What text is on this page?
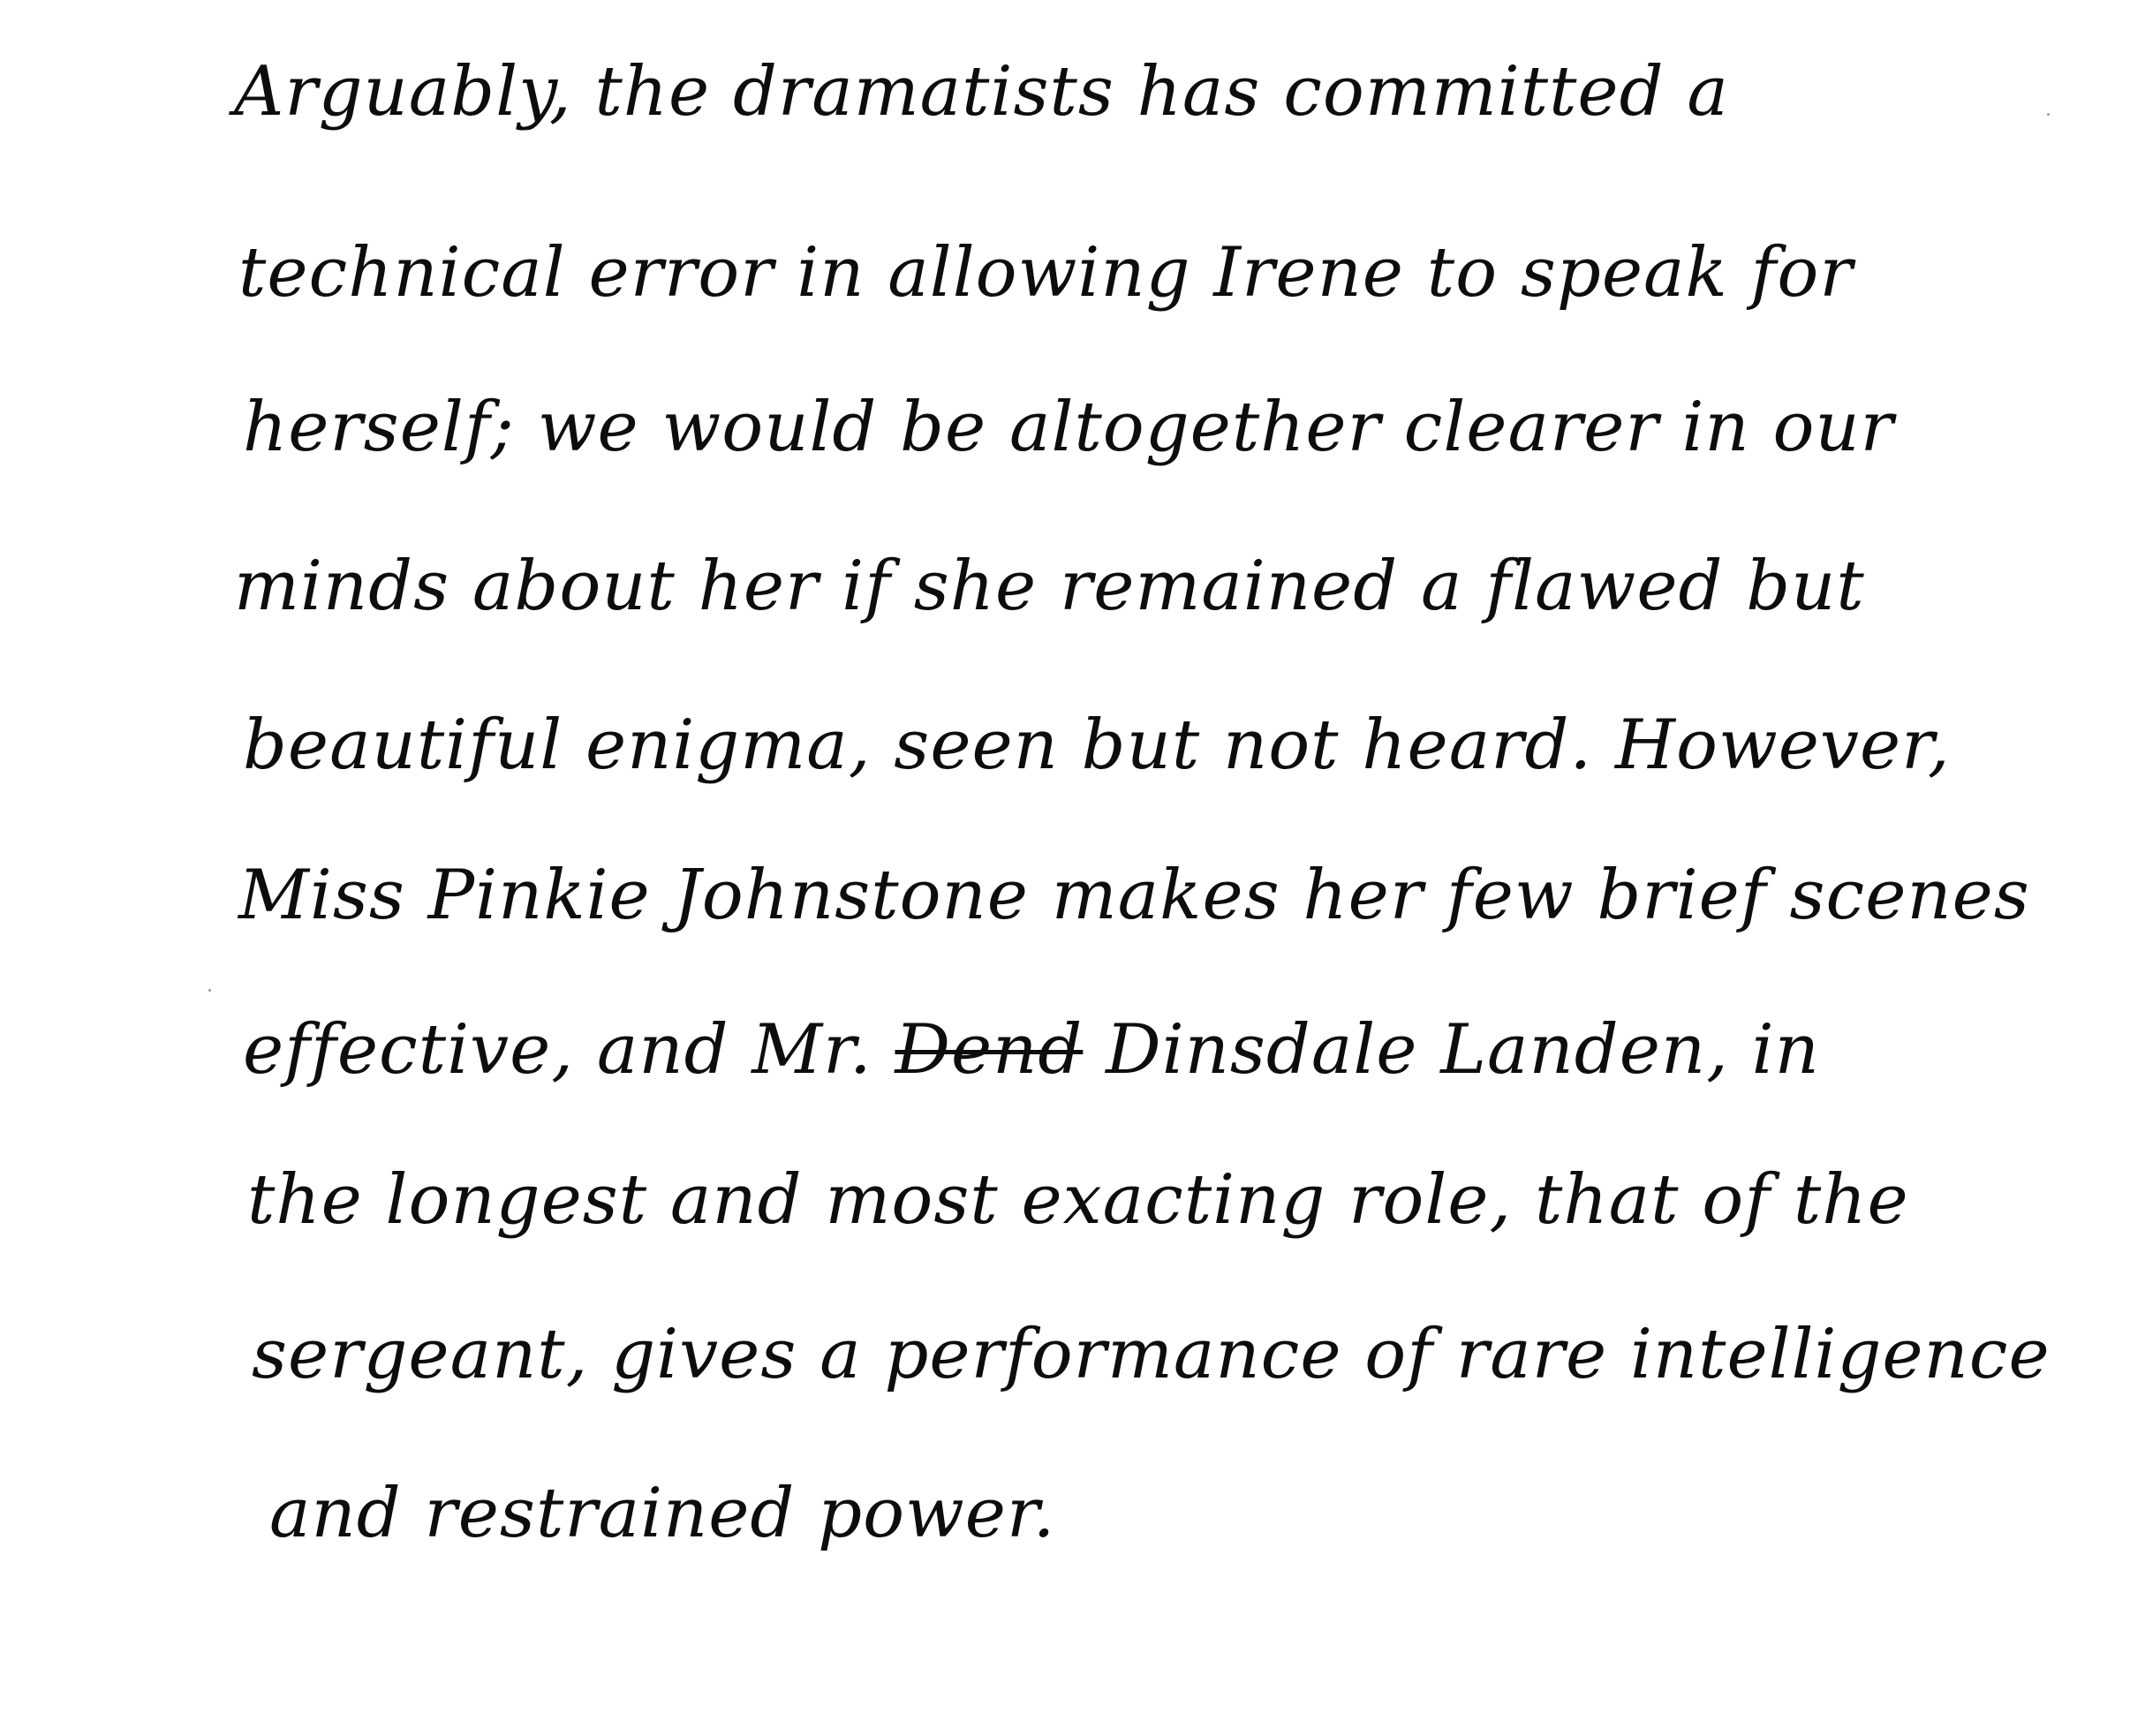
Arguably, the dramatists has committed a
technical error in allowing Irene to speak for
herself; we would be altogether clearer in our
minds about her if she remained a flawed but
beautiful enigma, seen but not heard. However,
Miss Pinkie Johnstone makes her few brief scenes
effective, and Mr. Dend Dinsdale Landen, in
the longest and most exacting role, that of the
sergeant, gives a performance of rare intelligence
and restrained power.
